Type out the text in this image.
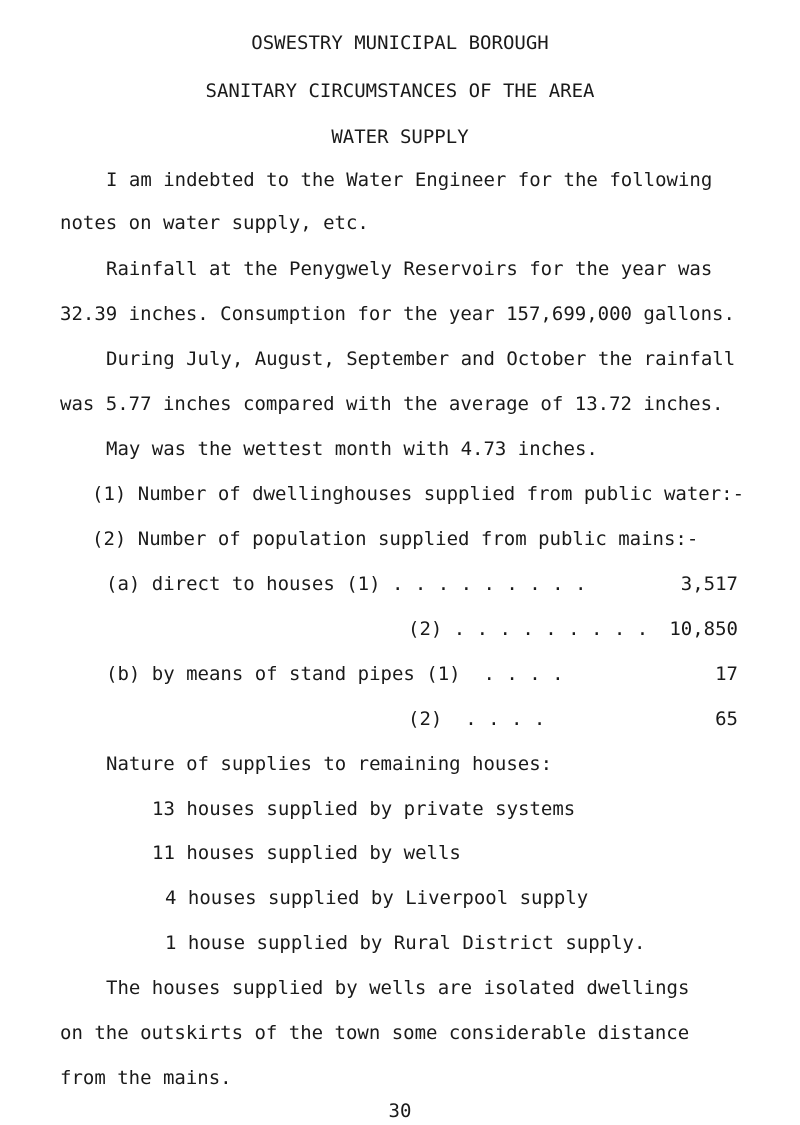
OSWESTRY MUNICIPAL BOROUGH
SANITARY CIRCUMSTANCES OF THE AREA
WATER SUPPLY
I am indebted to the Water Engineer for the following
notes on water supply, etc.
Rainfall at the Penygwely Reservoirs for the year was
32.39 inches. Consumption for the year 157,699,000 gallons.
During July, August, September and October the rainfall
was 5.77 inches compared with the average of 13.72 inches.
May was the wettest month with 4.73 inches.
(1) Number of dwellinghouses supplied from public water:-
(2) Number of population supplied from public mains:-
(a) direct to houses (1) . . . . . . . . .	3,517
(2) . . . . . . . . .	10,850
(b) by means of stand pipes (1)  . . . .	17
(2)  . . . .	65
Nature of supplies to remaining houses:
13 houses supplied by private systems
11 houses supplied by wells
4 houses supplied by Liverpool supply
1 house supplied by Rural District supply.
The houses supplied by wells are isolated dwellings
on the outskirts of the town some considerable distance
from the mains.
30
